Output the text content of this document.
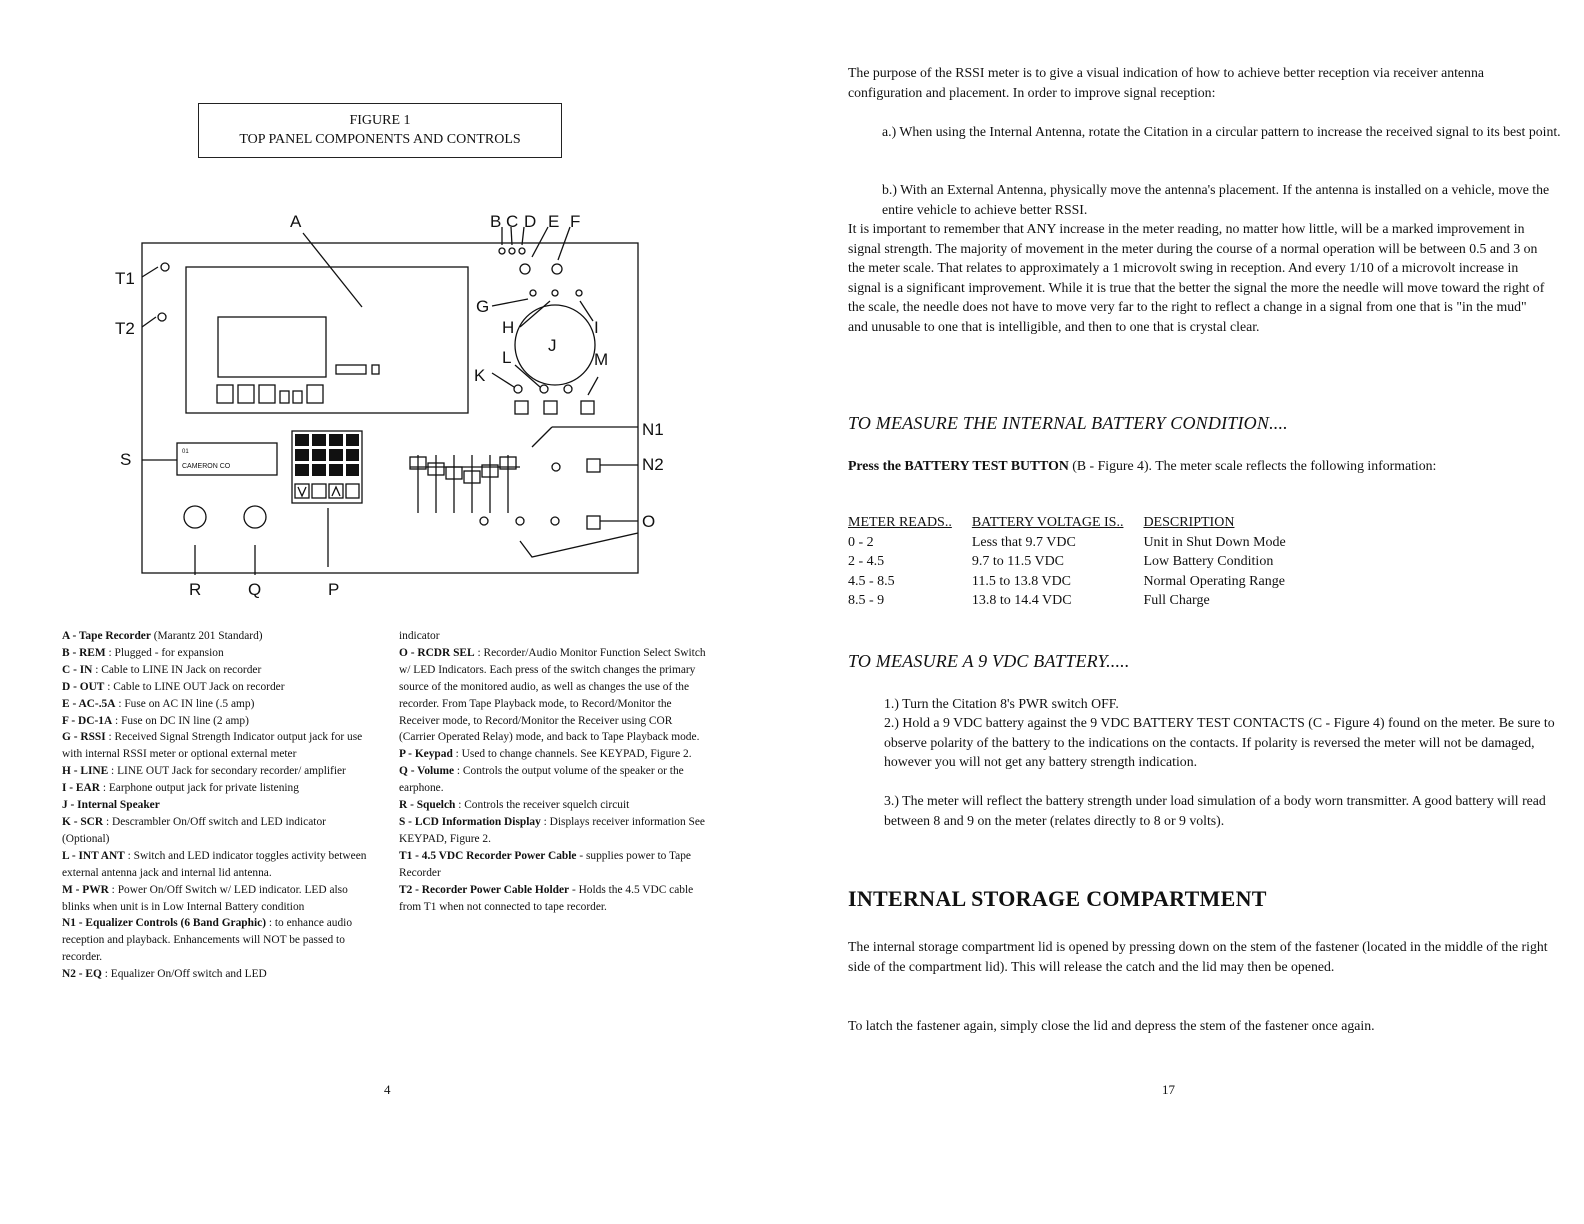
FIGURE 1
TOP PANEL COMPONENTS AND CONTROLS
A	B C D E F
T1
T2
G
H	I
J
K
L	M
N1
N2
S
O
R	Q	P
01
CAMERON CO

A - Tape Recorder (Marantz 201 Standard)

B - REM : Plugged - for expansion

C - IN : Cable to LINE IN Jack on recorder

D - OUT : Cable to LINE OUT Jack on recorder

E - AC-.5A : Fuse on AC IN line (.5 amp)

F - DC-1A : Fuse on DC IN line (2 amp)

G - RSSI : Received Signal Strength Indicator output jack for use with internal RSSI meter or optional external meter

H - LINE : LINE OUT Jack for secondary recorder/ amplifier

I - EAR : Earphone output jack for private listening

J - Internal Speaker

K - SCR : Descrambler On/Off switch and LED indicator (Optional)

L - INT ANT : Switch and LED indicator toggles activity between external antenna jack and internal lid antenna.

M - PWR : Power On/Off Switch w/ LED indicator. LED also blinks when unit is in Low Internal Battery condition

N1 - Equalizer Controls (6 Band Graphic) : to enhance audio reception and playback. Enhancements will NOT be passed to recorder.

N2 - EQ : Equalizer On/Off switch and LED

indicator

O - RCDR SEL : Recorder/Audio Monitor Function Select Switch w/ LED Indicators. Each press of the switch changes the primary source of the monitored audio, as well as changes the use of the recorder. From Tape Playback mode, to Record/Monitor the Receiver mode, to Record/Monitor the Receiver using COR (Carrier Operated Relay) mode, and back to Tape Playback mode.

P - Keypad : Used to change channels. See KEYPAD, Figure 2.

Q - Volume : Controls the output volume of the speaker or the earphone.

R - Squelch : Controls the receiver squelch circuit

S - LCD Information Display : Displays receiver information See KEYPAD, Figure 2.

T1 - 4.5 VDC Recorder Power Cable - supplies power to Tape Recorder

T2 - Recorder Power Cable Holder - Holds the 4.5 VDC cable from T1 when not connected to tape recorder.

4
The purpose of the RSSI meter is to give a visual indication of how to achieve better reception via receiver antenna configuration and placement. In order to improve signal reception:
a.) When using the Internal Antenna, rotate the Citation in a circular pattern to increase the received signal to its best point.
b.) With an External Antenna, physically move the antenna's placement. If the antenna is installed on a vehicle, move the entire vehicle to achieve better RSSI.
It is important to remember that ANY increase in the meter reading, no matter how little, will be a marked improvement in signal strength. The majority of movement in the meter during the course of a normal operation will be between 0.5 and 3 on the meter scale. That relates to approximately a 1 microvolt swing in reception. And every 1/10 of a microvolt increase in signal is a significant improvement. While it is true that the better the signal the more the needle will move toward the right of the scale, the needle does not have to move very far to the right to reflect a change in a signal from one that is "in the mud" and unusable to one that is intelligible, and then to one that is crystal clear.
TO MEASURE THE INTERNAL BATTERY CONDITION....
Press the BATTERY TEST BUTTON (B - Figure 4). The meter scale reflects the following information:
METER READS..	BATTERY VOLTAGE IS..	DESCRIPTION
0 - 2	Less that 9.7 VDC	Unit in Shut Down Mode
2 - 4.5	9.7 to 11.5 VDC	Low Battery Condition
4.5 - 8.5	11.5 to 13.8 VDC	Normal Operating Range
8.5 - 9	13.8 to 14.4 VDC	Full Charge
TO MEASURE A 9 VDC BATTERY.....
1.) Turn the Citation 8's PWR switch OFF.
2.) Hold a 9 VDC battery against the 9 VDC BATTERY TEST CONTACTS (C - Figure 4) found on the meter. Be sure to observe polarity of the battery to the indications on the contacts. If polarity is reversed the meter will not be damaged, however you will not get any battery strength indication.
3.) The meter will reflect the battery strength under load simulation of a body worn transmitter. A good battery will read between 8 and 9 on the meter (relates directly to 8 or 9 volts).
INTERNAL STORAGE COMPARTMENT
The internal storage compartment lid is opened by pressing down on the stem of the fastener (located in the middle of the right side of the compartment lid). This will release the catch and the lid may then be opened.
To latch the fastener again, simply close the lid and depress the stem of the fastener once again.
17
